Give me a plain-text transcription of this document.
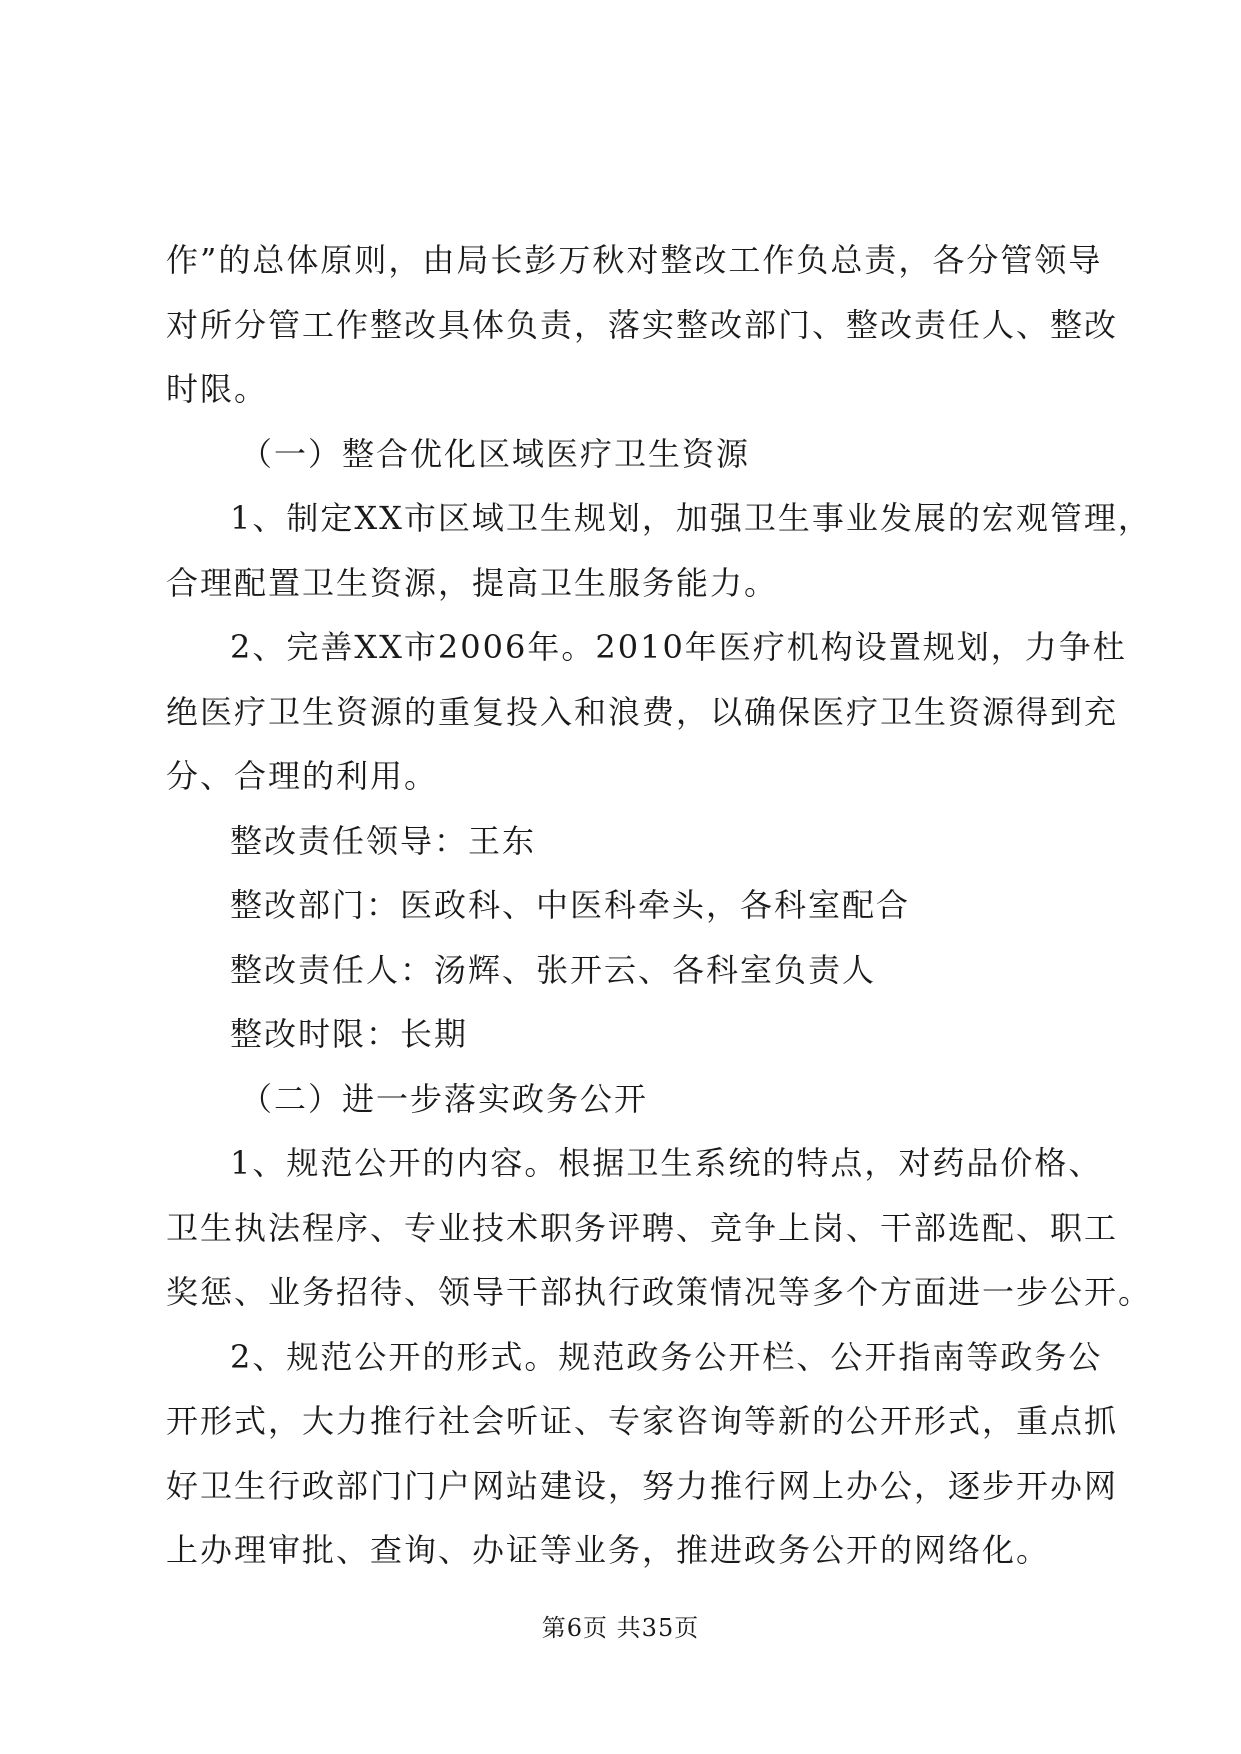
作”的总体原则，由局长彭万秋对整改工作负总责，各分管领导
对所分管工作整改具体负责，落实整改部门、整改责任人、整改
时限。
（一）整合优化区域医疗卫生资源
1、制定XX市区域卫生规划，加强卫生事业发展的宏观管理，
合理配置卫生资源，提高卫生服务能力。
2、完善XX市2006年。2010年医疗机构设置规划，力争杜
绝医疗卫生资源的重复投入和浪费，以确保医疗卫生资源得到充
分、合理的利用。
整改责任领导：王东
整改部门：医政科、中医科牵头，各科室配合
整改责任人：汤辉、张开云、各科室负责人
整改时限：长期
（二）进一步落实政务公开
1、规范公开的内容。根据卫生系统的特点，对药品价格、
卫生执法程序、专业技术职务评聘、竞争上岗、干部选配、职工
奖惩、业务招待、领导干部执行政策情况等多个方面进一步公开。
2、规范公开的形式。规范政务公开栏、公开指南等政务公
开形式，大力推行社会听证、专家咨询等新的公开形式，重点抓
好卫生行政部门门户网站建设，努力推行网上办公，逐步开办网
上办理审批、查询、办证等业务，推进政务公开的网络化。
第6页 共35页
